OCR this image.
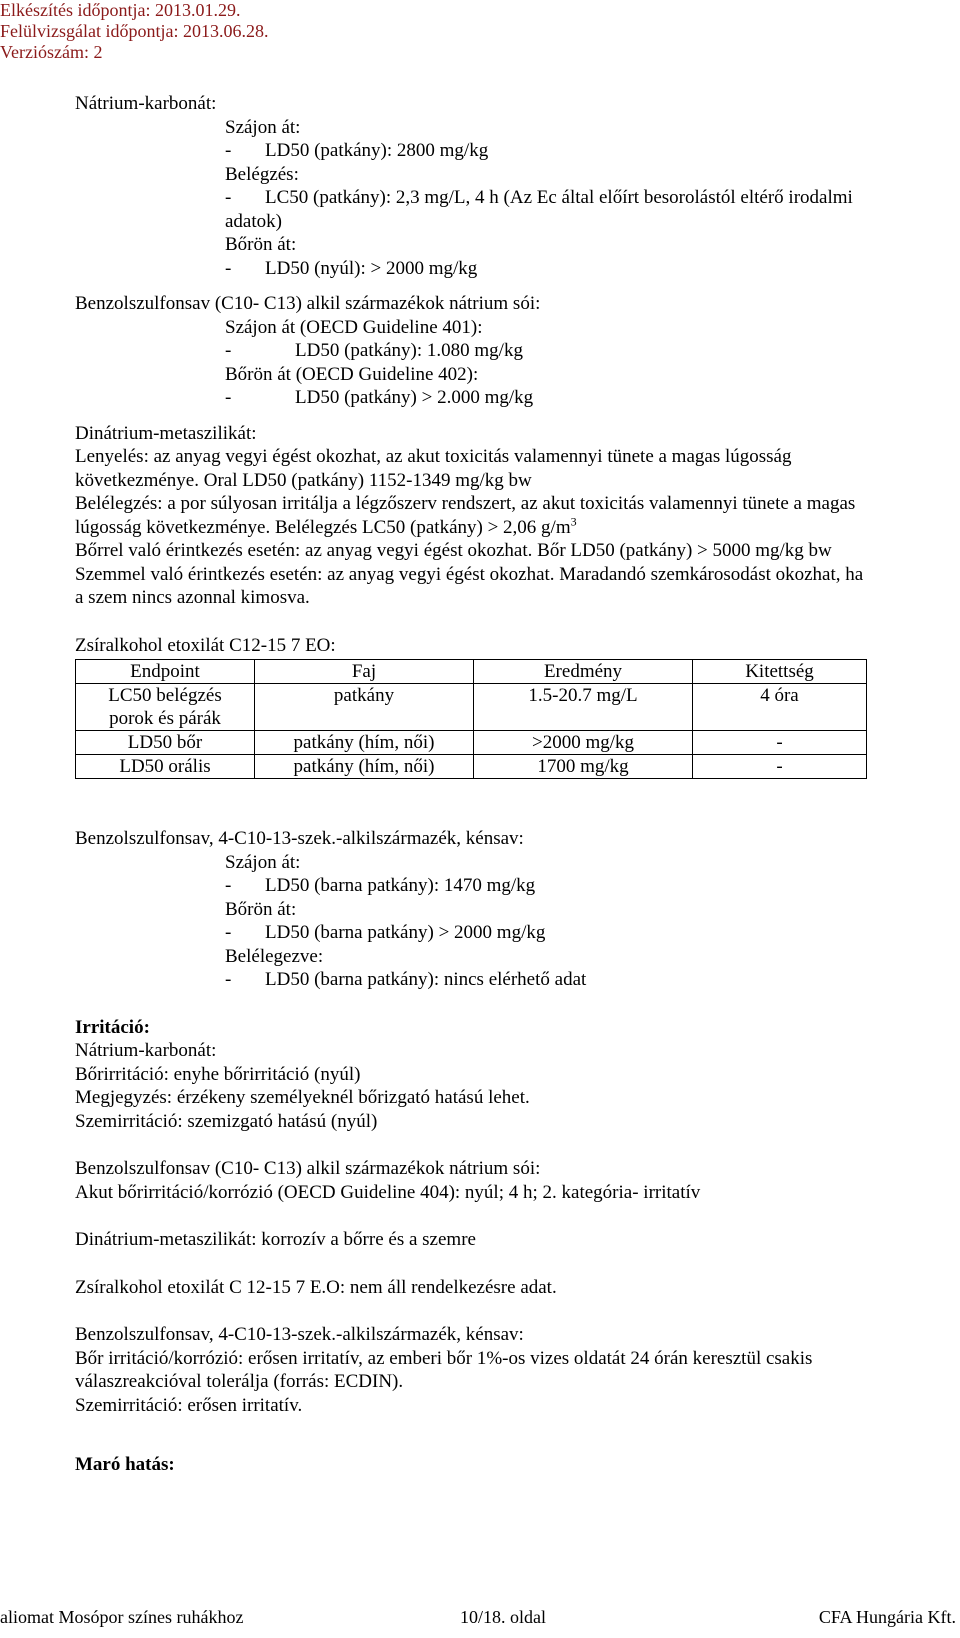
Elkészítés időpontja: 2013.01.29.
Felülvizsgálat időpontja: 2013.06.28.
Verziószám: 2
Nátrium-karbonát:
Szájon át:
- LD50 (patkány): 2800 mg/kg
Belégzés:
- LC50 (patkány): 2,3 mg/L, 4 h (Az Ec által előírt besorolástól eltérő irodalmi
adatok)
Bőrön át:
- LD50 (nyúl): > 2000 mg/kg
Benzolszulfonsav (C10- C13) alkil származékok nátrium sói:
Szájon át (OECD Guideline 401):
-	LD50 (patkány): 1.080 mg/kg
Bőrön át (OECD Guideline 402):
-	LD50 (patkány) > 2.000 mg/kg
Dinátrium-metaszilikát:
Lenyelés: az anyag vegyi égést okozhat, az akut toxicitás valamennyi tünete a magas lúgosság
következménye. Oral LD50 (patkány) 1152-1349 mg/kg bw
Belélegzés: a por súlyosan irritálja a légzőszerv rendszert, az akut toxicitás valamennyi tünete a magas
lúgosság következménye. Belélegzés LC50 (patkány) > 2,06 $g/m^3$
Bőrrel való érintkezés esetén: az anyag vegyi égést okozhat. Bőr LD50 (patkány) > 5000 mg/kg bw
Szemmel való érintkezés esetén: az anyag vegyi égést okozhat. Maradandó szemkárosodást okozhat, ha
a szem nincs azonnal kimosva.
Zsíralkohol etoxilát C12-15 7 EO:
Endpoint	Faj	Eredmény	Kitettség

LC50 belégzés
porok és párák	patkány	1.5-20.7 mg/L	4 óra
LD50 bőr	patkány (hím, női)	>2000 mg/kg	-
LD50 orális	patkány (hím, női)	1700 mg/kg	-
Benzolszulfonsav, 4-C10-13-szek.-alkilszármazék, kénsav:
Szájon át:
- LD50 (barna patkány): 1470 mg/kg
Bőrön át:
- LD50 (barna patkány) > 2000 mg/kg
Belélegezve:
- LD50 (barna patkány): nincs elérhető adat
Irritáció:
Nátrium-karbonát:
Bőrirritáció: enyhe bőrirritáció (nyúl)
Megjegyzés: érzékeny személyeknél bőrizgató hatású lehet.
Szemirritáció: szemizgató hatású (nyúl)
Benzolszulfonsav (C10- C13) alkil származékok nátrium sói:
Akut bőrirritáció/korrózió (OECD Guideline 404): nyúl; 4 h; 2. kategória- irritatív
Dinátrium-metaszilikát: korrozív a bőrre és a szemre
Zsíralkohol etoxilát C 12-15 7 E.O: nem áll rendelkezésre adat.
Benzolszulfonsav, 4-C10-13-szek.-alkilszármazék, kénsav:
Bőr irritáció/korrózió: erősen irritatív, az emberi bőr 1%-os vizes oldatát 24 órán keresztül csakis
válaszreakcióval tolerálja (forrás: ECDIN).
Szemirritáció: erősen irritatív.
Maró hatás:
aliomat Mosópor színes ruhákhoz	10/18. oldal	CFA Hungária Kft.
